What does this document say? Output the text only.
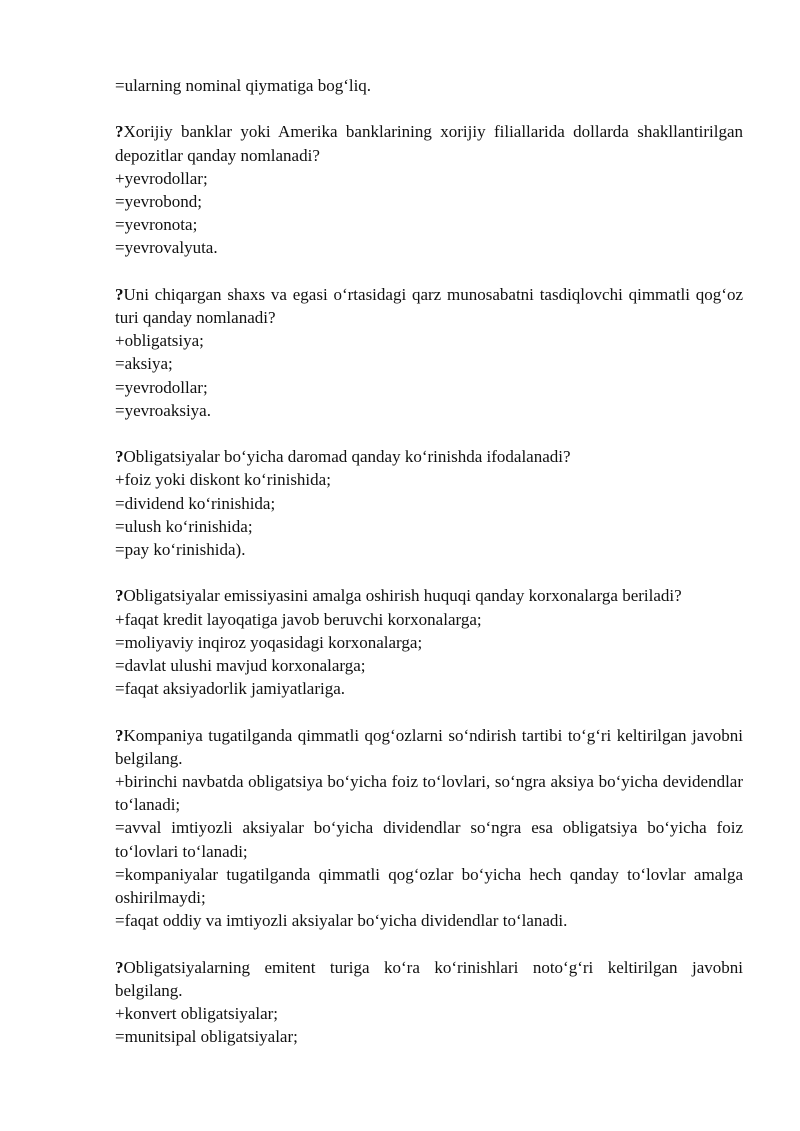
=ularning nominal qiymatiga bog‘liq.

?Xorijiy banklar yoki Amerika banklarining xorijiy filiallarida dollarda shakllantirilgan depozitlar qanday nomlanadi?

+yevrodollar;

=yevrobond;

=yevronota;

=yevrovalyuta.

?Uni chiqargan shaxs va egasi o‘rtasidagi qarz munosabatni tasdiqlovchi qimmatli qog‘oz turi qanday nomlanadi?

+obligatsiya;

=aksiya;

=yevrodollar;

=yevroaksiya.

?Obligatsiyalar bo‘yicha daromad qanday ko‘rinishda ifodalanadi?

+foiz yoki diskont ko‘rinishida;

=dividend ko‘rinishida;

=ulush ko‘rinishida;

=pay ko‘rinishida).

?Obligatsiyalar emissiyasini amalga oshirish huquqi qanday korxonalarga beriladi?

+faqat kredit layoqatiga javob beruvchi korxonalarga;

=moliyaviy inqiroz yoqasidagi korxonalarga;

=davlat ulushi mavjud korxonalarga;

=faqat aksiyadorlik jamiyatlariga.

?Kompaniya tugatilganda qimmatli qog‘ozlarni so‘ndirish tartibi to‘g‘ri keltirilgan javobni belgilang.

+birinchi navbatda obligatsiya bo‘yicha foiz to‘lovlari, so‘ngra aksiya bo‘yicha devidendlar to‘lanadi;

=avval imtiyozli aksiyalar bo‘yicha dividendlar so‘ngra esa obligatsiya bo‘yicha foiz to‘lovlari to‘lanadi;

=kompaniyalar tugatilganda qimmatli qog‘ozlar bo‘yicha hech qanday to‘lovlar amalga oshirilmaydi;

=faqat oddiy va imtiyozli aksiyalar bo‘yicha dividendlar to‘lanadi.

?Obligatsiyalarning emitent turiga ko‘ra ko‘rinishlari noto‘g‘ri keltirilgan javobni belgilang.

+konvert obligatsiyalar;

=munitsipal obligatsiyalar;
